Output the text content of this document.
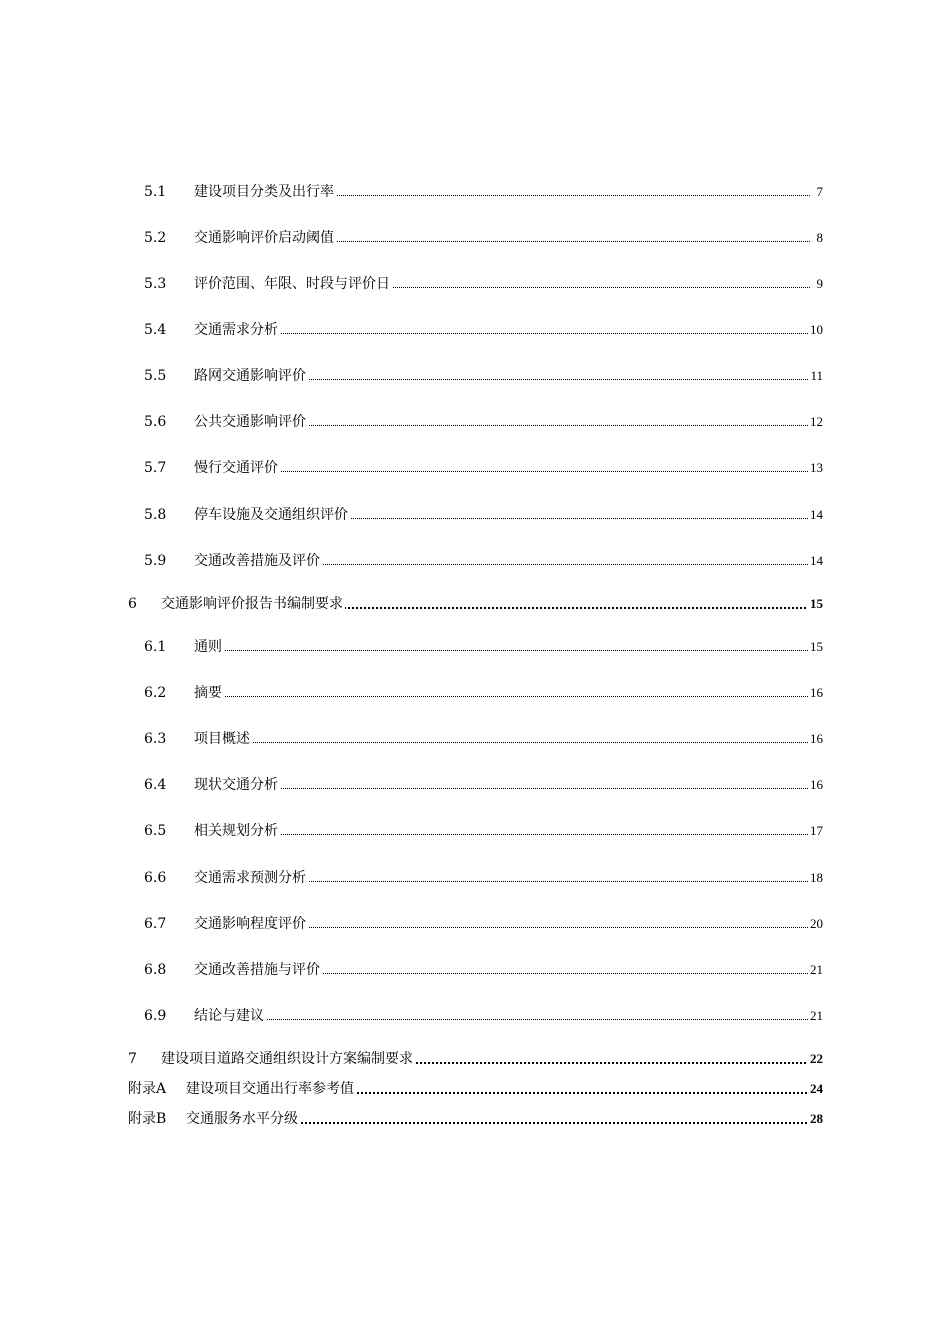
5.1 建设项目分类及出行率	7
5.2 交通影响评价启动阈值	8
5.3 评价范围、年限、时段与评价日	9
5.4 交通需求分析	10
5.5 路网交通影响评价	11
5.6 公共交通影响评价	12
5.7 慢行交通评价	13
5.8 停车设施及交通组织评价	14
5.9 交通改善措施及评价	14
6 交通影响评价报告书编制要求	15
6.1 通则	15
6.2 摘要	16
6.3 项目概述	16
6.4 现状交通分析	16
6.5 相关规划分析	17
6.6 交通需求预测分析	18
6.7 交通影响程度评价	20
6.8 交通改善措施与评价	21
6.9 结论与建议	21
7 建设项目道路交通组织设计方案编制要求	22
附录A 建设项目交通出行率参考值	24
附录B 交通服务水平分级	28
